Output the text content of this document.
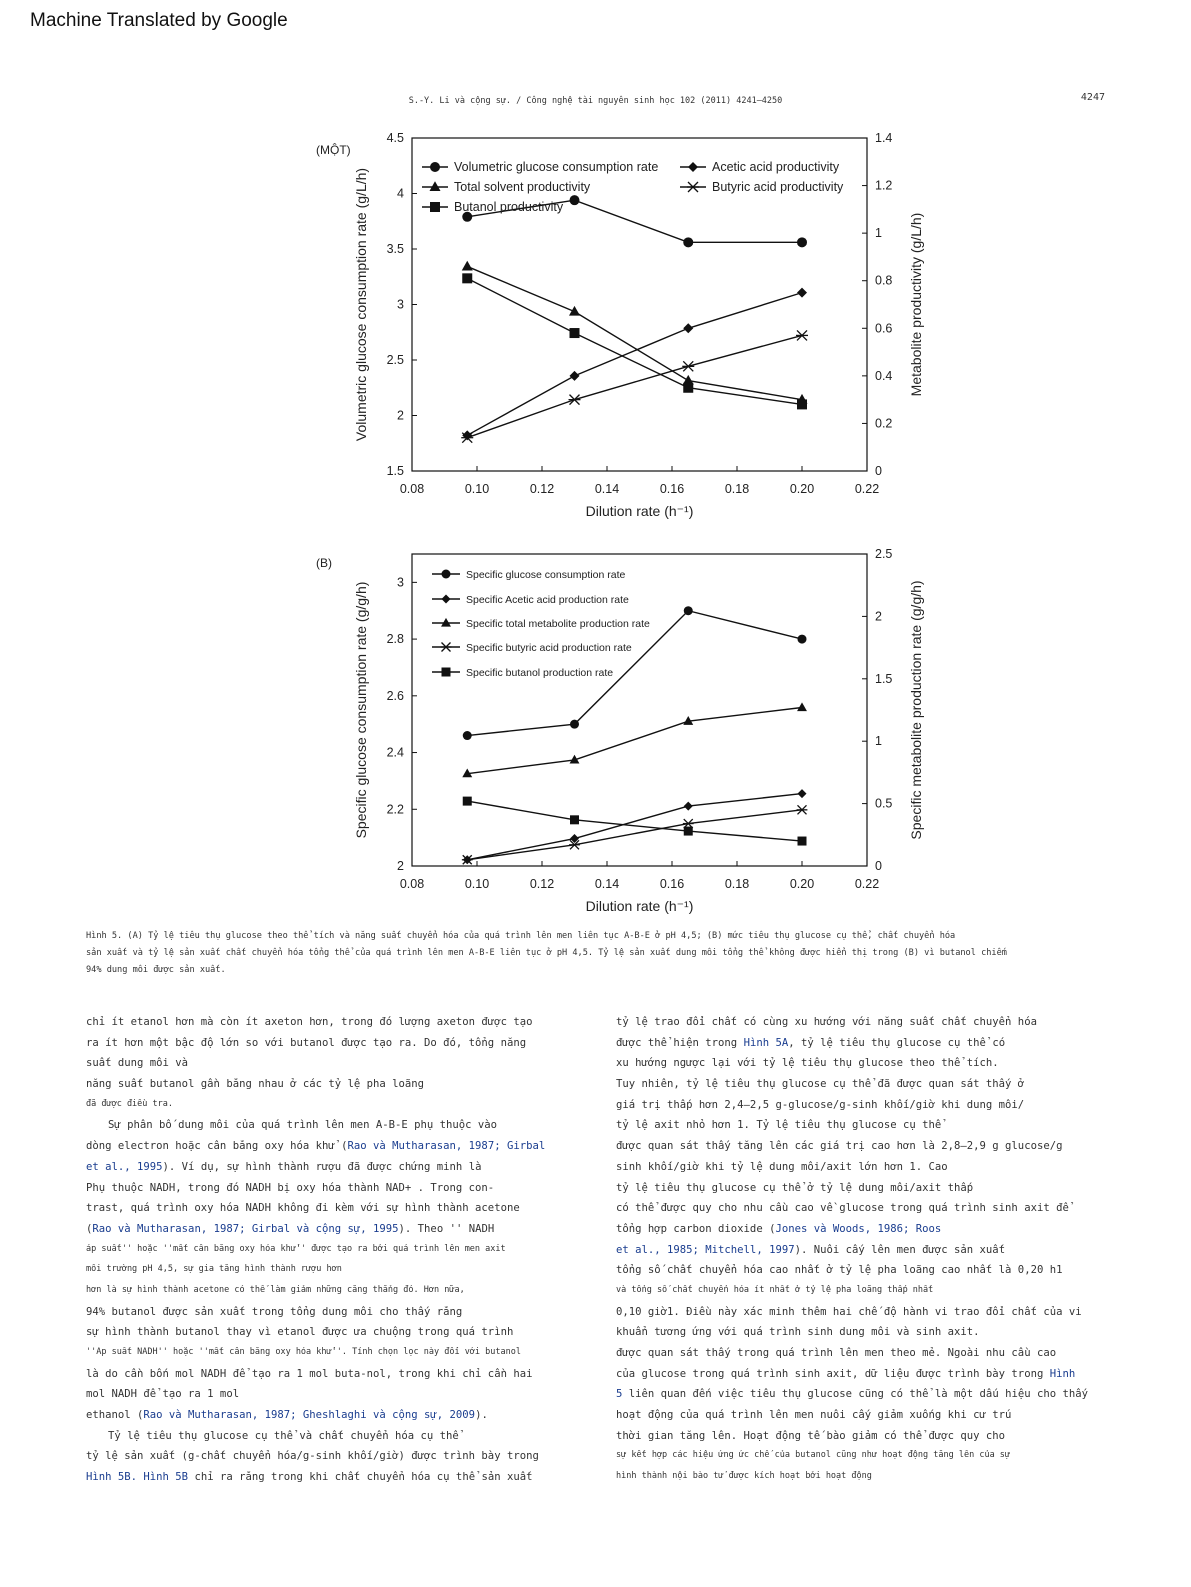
Machine Translated by Google
S.-Y. Li và cộng sự. / Công nghệ tài nguyên sinh học 102 (2011) 4241–4250	4247
(MỘT)
0.08	0.10	0.12	0.14	0.16	0.18	0.20	0.22
1.5
2
2.5
3
3.5
4
4.5
0
0.2
0.4
0.6
0.8
1
1.2
1.4
Dilution rate (h⁻¹)
Volumetric glucose consumption rate (g/L/h)	Metabolite productivity (g/L/h)
Volumetric glucose consumption rate	Acetic acid productivity
Total solvent productivity	Butyric acid productivity
Butanol productivity
(B)
0.08	0.10	0.12	0.14	0.16	0.18	0.20	0.22
2
2.2
2.4
2.6
2.8
3
0
0.5
1
1.5
2
2.5
Dilution rate (h⁻¹)
Specific glucose consumption rate (g/g/h)	Specific metabolite production rate (g/g/h)
Specific glucose consumption rate
Specific Acetic acid production rate
Specific total metabolite production rate
Specific butyric acid production rate
Specific butanol production rate
Hình 5. (A) Tỷ lệ tiêu thụ glucose theo thể tích và năng suất chuyển hóa của quá trình lên men liên tục A-B-E ở pH 4,5; (B) mức tiêu thụ glucose cụ thể, chất chuyển hóa
sản xuất và tỷ lệ sản xuất chất chuyển hóa tổng thể của quá trình lên men A-B-E liên tục ở pH 4,5. Tỷ lệ sản xuất dung môi tổng thể không được hiển thị trong (B) vì butanol chiếm
94% dung môi được sản xuất.
chỉ ít etanol hơn mà còn ít axeton hơn, trong đó lượng axeton được tạo
ra ít hơn một bậc độ lớn so với butanol được tạo ra. Do đó, tổng năng
suất dung môi và
năng suất butanol gần bằng nhau ở các tỷ lệ pha loãng
đã được điều tra.
Sự phân bố dung môi của quá trình lên men A-B-E phụ thuộc vào
dòng electron hoặc cân bằng oxy hóa khử (Rao và Mutharasan, 1987; Girbal
et al., 1995). Ví dụ, sự hình thành rượu đã được chứng minh là
Phụ thuộc NADH, trong đó NADH bị oxy hóa thành NAD+ . Trong con-
trast, quá trình oxy hóa NADH không đi kèm với sự hình thành acetone
(Rao và Mutharasan, 1987; Girbal và cộng sự, 1995). Theo '' NADH
áp suất'' hoặc ''mất cân bằng oxy hóa khử'' được tạo ra bởi quá trình lên men axit
môi trường pH 4,5, sự gia tăng hình thành rượu hơn
hơn là sự hình thành acetone có thể làm giảm những căng thẳng đó. Hơn nữa,
94% butanol được sản xuất trong tổng dung môi cho thấy rằng
sự hình thành butanol thay vì etanol được ưa chuộng trong quá trình
''Áp suất NADH'' hoặc ''mất cân bằng oxy hóa khử''. Tính chọn lọc này đối với butanol
là do cần bốn mol NADH để tạo ra 1 mol buta-nol, trong khi chỉ cần hai
mol NADH để tạo ra 1 mol
ethanol (Rao và Mutharasan, 1987; Gheshlaghi và cộng sự, 2009).
Tỷ lệ tiêu thụ glucose cụ thể và chất chuyển hóa cụ thể
tỷ lệ sản xuất (g-chất chuyển hóa/g-sinh khối/giờ) được trình bày trong
Hình 5B. Hình 5B chỉ ra rằng trong khi chất chuyển hóa cụ thể sản xuất
tỷ lệ trao đổi chất có cùng xu hướng với năng suất chất chuyển hóa
được thể hiện trong Hình 5A, tỷ lệ tiêu thụ glucose cụ thể có
xu hướng ngược lại với tỷ lệ tiêu thụ glucose theo thể tích.
Tuy nhiên, tỷ lệ tiêu thụ glucose cụ thể đã được quan sát thấy ở
giá trị thấp hơn 2,4–2,5 g-glucose/g-sinh khối/giờ khi dung môi/
tỷ lệ axit nhỏ hơn 1. Tỷ lệ tiêu thụ glucose cụ thể
được quan sát thấy tăng lên các giá trị cao hơn là 2,8–2,9 g glucose/g
sinh khối/giờ khi tỷ lệ dung môi/axit lớn hơn 1. Cao
tỷ lệ tiêu thụ glucose cụ thể ở tỷ lệ dung môi/axit thấp
có thể được quy cho nhu cầu cao về glucose trong quá trình sinh axit để
tổng hợp carbon dioxide (Jones và Woods, 1986; Roos
et al., 1985; Mitchell, 1997). Nuôi cấy lên men được sản xuất
tổng số chất chuyển hóa cao nhất ở tỷ lệ pha loãng cao nhất là 0,20 h1
và tổng số chất chuyển hóa ít nhất ở tỷ lệ pha loãng thấp nhất
0,10 giờ1. Điều này xác minh thêm hai chế độ hành vi trao đổi chất của vi
khuẩn tương ứng với quá trình sinh dung môi và sinh axit.
được quan sát thấy trong quá trình lên men theo mẻ. Ngoài nhu cầu cao
của glucose trong quá trình sinh axit, dữ liệu được trình bày trong Hình
5 liên quan đến việc tiêu thụ glucose cũng có thể là một dấu hiệu cho thấy
hoạt động của quá trình lên men nuôi cấy giảm xuống khi cư trú
thời gian tăng lên. Hoạt động tế bào giảm có thể được quy cho
sự kết hợp các hiệu ứng ức chế của butanol cũng như hoạt động tăng lên của sự
hình thành nội bào tử được kích hoạt bởi hoạt động
